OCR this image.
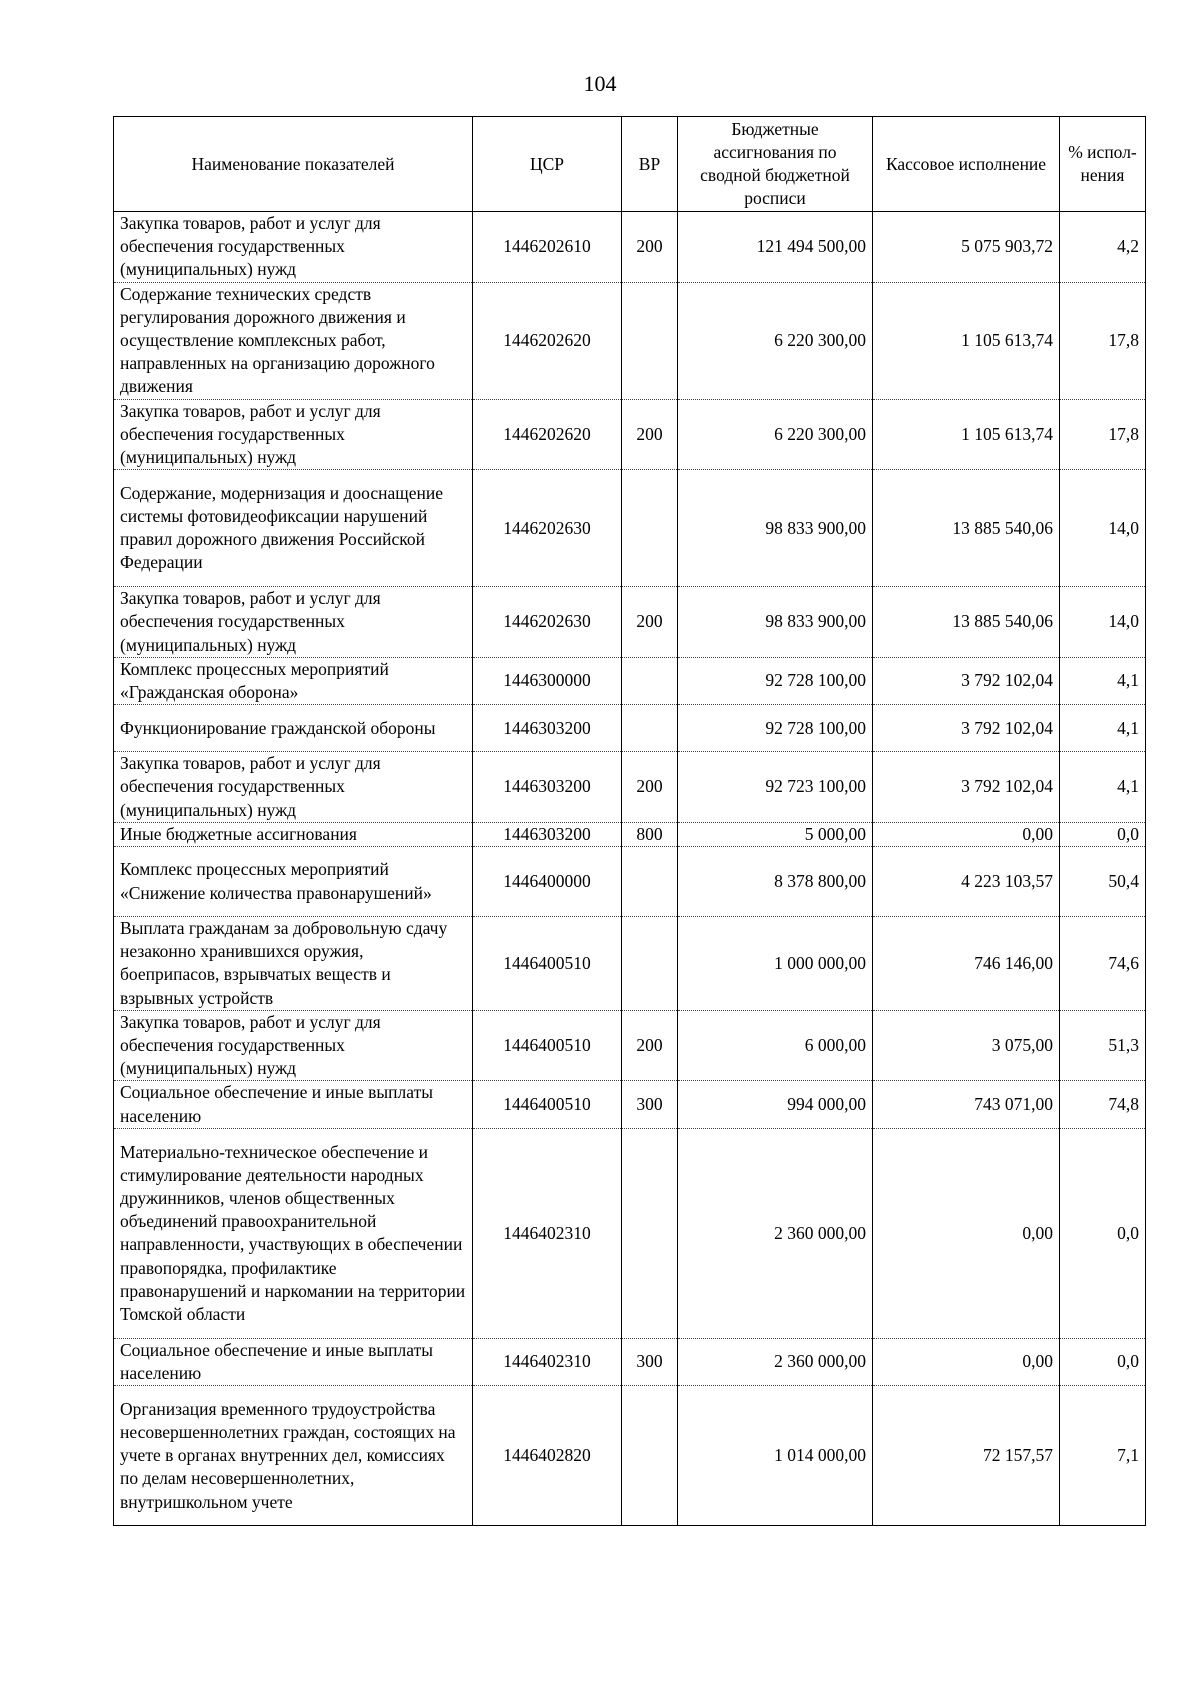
104
Наименование показателей	ЦСР	ВР	Бюджетные ассигнования по сводной бюджетной росписи	Кассовое исполнение	% испол-нения
Закупка товаров, работ и услуг для обеспечения государственных (муниципальных) нужд	1446202610	200	121 494 500,00	5 075 903,72	4,2
Содержание технических средств регулирования дорожного движения и осуществление комплексных работ, направленных на организацию дорожного движения	1446202620		6 220 300,00	1 105 613,74	17,8
Закупка товаров, работ и услуг для обеспечения государственных (муниципальных) нужд	1446202620	200	6 220 300,00	1 105 613,74	17,8
Содержание, модернизация и дооснащение системы фотовидеофиксации нарушений правил дорожного движения Российской Федерации	1446202630		98 833 900,00	13 885 540,06	14,0
Закупка товаров, работ и услуг для обеспечения государственных (муниципальных) нужд	1446202630	200	98 833 900,00	13 885 540,06	14,0
Комплекс процессных мероприятий «Гражданская оборона»	1446300000		92 728 100,00	3 792 102,04	4,1
Функционирование гражданской обороны	1446303200		92 728 100,00	3 792 102,04	4,1
Закупка товаров, работ и услуг для обеспечения государственных (муниципальных) нужд	1446303200	200	92 723 100,00	3 792 102,04	4,1
Иные бюджетные ассигнования	1446303200	800	5 000,00	0,00	0,0
Комплекс процессных мероприятий «Снижение количества правонарушений»	1446400000		8 378 800,00	4 223 103,57	50,4
Выплата гражданам за добровольную сдачу незаконно хранившихся оружия, боеприпасов, взрывчатых веществ и взрывных устройств	1446400510		1 000 000,00	746 146,00	74,6
Закупка товаров, работ и услуг для обеспечения государственных (муниципальных) нужд	1446400510	200	6 000,00	3 075,00	51,3
Социальное обеспечение и иные выплаты населению	1446400510	300	994 000,00	743 071,00	74,8
Материально-техническое обеспечение и стимулирование деятельности народных дружинников, членов общественных объединений правоохранительной направленности, участвующих в обеспечении правопорядка, профилактике правонарушений и наркомании на территории Томской области	1446402310		2 360 000,00	0,00	0,0
Социальное обеспечение и иные выплаты населению	1446402310	300	2 360 000,00	0,00	0,0
Организация временного трудоустройства несовершеннолетних граждан, состоящих на учете в органах внутренних дел, комиссиях по делам несовершеннолетних, внутришкольном учете	1446402820		1 014 000,00	72 157,57	7,1
